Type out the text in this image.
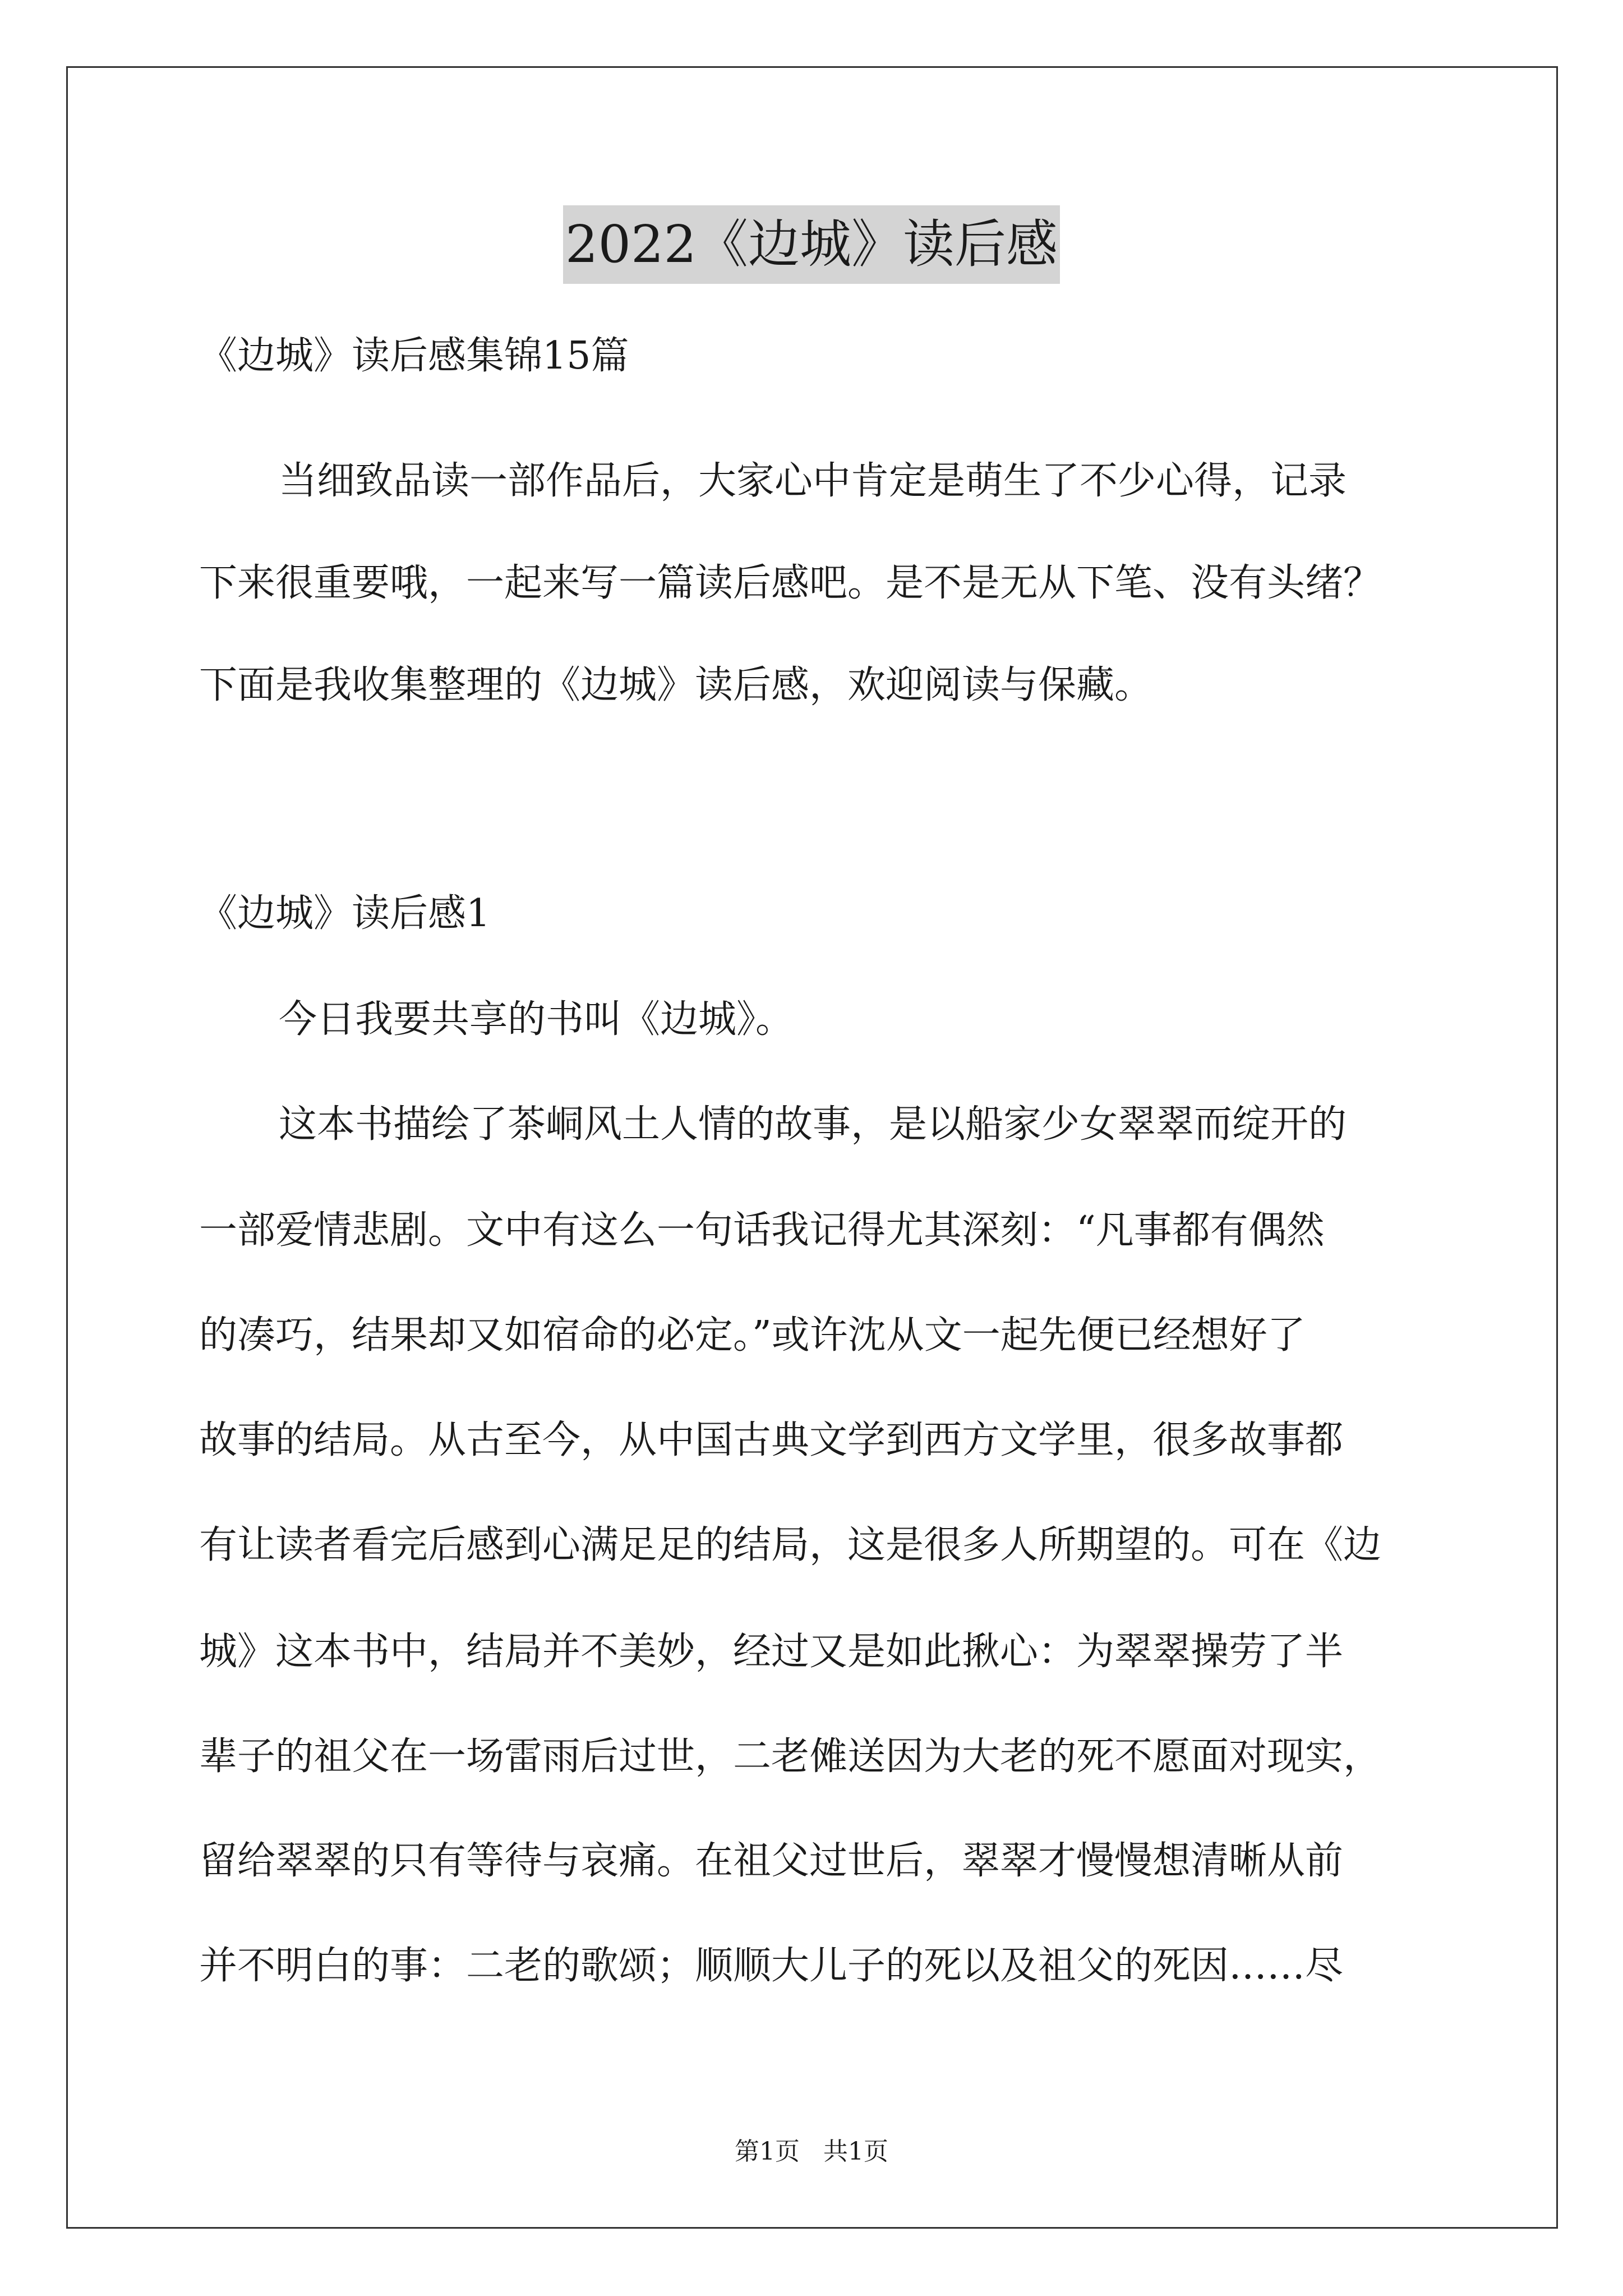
2022《边城》读后感
《边城》读后感集锦15篇
当细致品读一部作品后，大家心中肯定是萌生了不少心得，记录
下来很重要哦，一起来写一篇读后感吧。是不是无从下笔、没有头绪？
下面是我收集整理的《边城》读后感，欢迎阅读与保藏。
《边城》读后感1
今日我要共享的书叫《边城》。
这本书描绘了茶峒风土人情的故事，是以船家少女翠翠而绽开的
一部爱情悲剧。文中有这么一句话我记得尤其深刻：“凡事都有偶然
的凑巧，结果却又如宿命的必定。”或许沈从文一起先便已经想好了
故事的结局。从古至今，从中国古典文学到西方文学里，很多故事都
有让读者看完后感到心满足足的结局，这是很多人所期望的。可在《边
城》这本书中，结局并不美妙，经过又是如此揪心：为翠翠操劳了半
辈子的祖父在一场雷雨后过世，二老傩送因为大老的死不愿面对现实，
留给翠翠的只有等待与哀痛。在祖父过世后，翠翠才慢慢想清晰从前
并不明白的事：二老的歌颂；顺顺大儿子的死以及祖父的死因……尽
第1页   共1页
